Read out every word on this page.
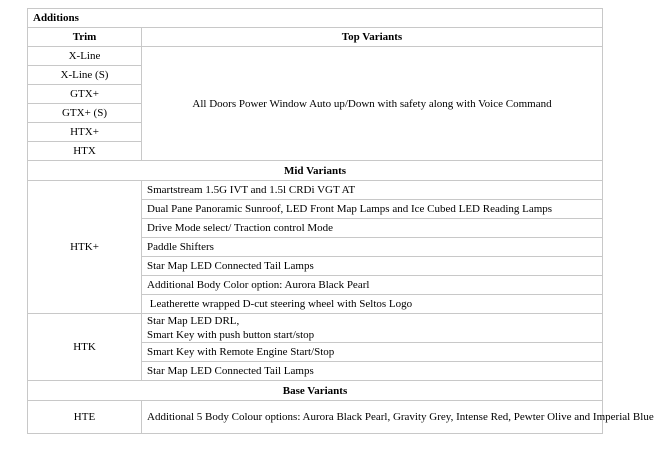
Additions	
Trim	Top Variants
X-Line	All Doors Power Window Auto up/Down with safety along with Voice Command
X-Line (S)	
GTX+	
GTX+ (S)	
HTX+	
HTX	
Mid Variants	
HTK+	Smartstream 1.5G IVT and 1.5l CRDi VGT AT
	Dual Pane Panoramic Sunroof, LED Front Map Lamps and Ice Cubed LED Reading Lamps
	Drive Mode select/ Traction control Mode
	Paddle Shifters
	Star Map LED Connected Tail Lamps
	Additional Body Color option: Aurora Black Pearl
	Leatherette wrapped D-cut steering wheel with Seltos Logo
HTK	Star Map LED DRL,
Smart Key with push button start/stop

	Smart Key with Remote Engine Start/Stop
	Star Map LED Connected Tail Lamps
Base Variants	
HTE	Additional 5 Body Colour options: Aurora Black Pearl, Gravity Grey, Intense Red, Pewter Olive and Imperial Blue
